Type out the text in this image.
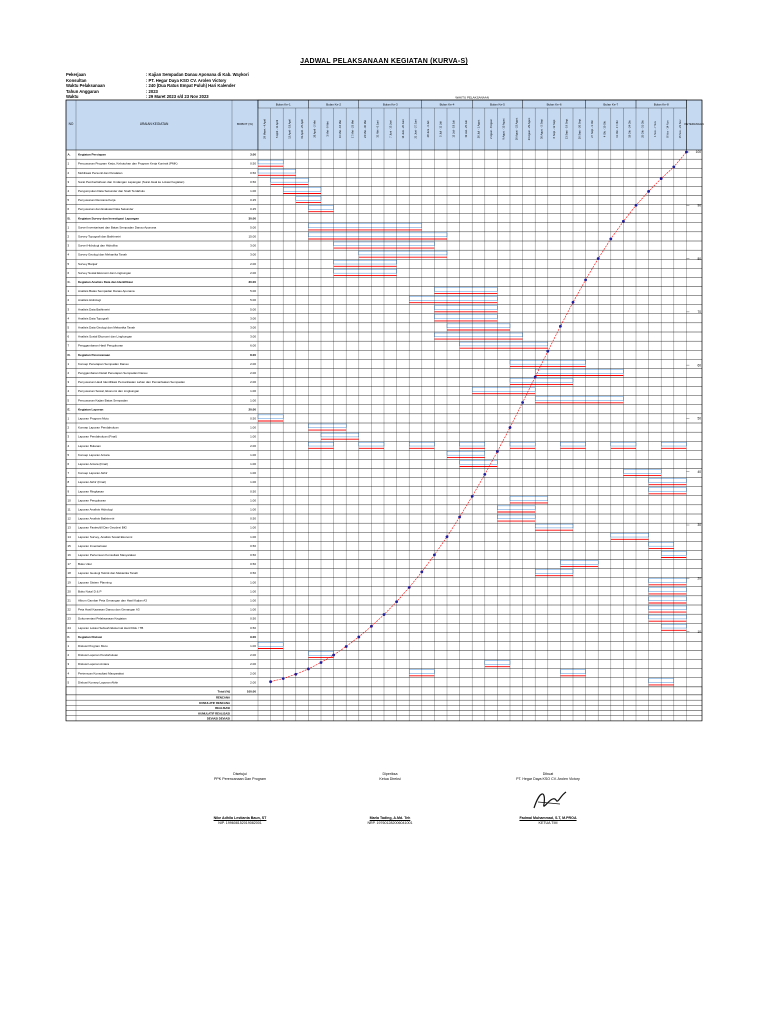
JADWAL PELAKSANAAN KEGIATAN (KURVA-S)
Pekerjaan	: Kajian Sempadan Danau Aponana di Kab. Waykori
Konsultan	: PT. Hegar Daya KSO CV. Arolen Victory
Waktu Pelaksanaan	: 240 (Dua Ratus Empat Puluh) Hari Kalender
Tahun Anggaran	: 2023
Waktu	: 29 Maret 2023 s/d 23 Nov 2023
NO	URAIAN KEGIATAN	BOBOT (%)	KETERANGAN
WAKTU PELAKSANAAN
Bulan Ke-1	Bulan Ke-2	Bulan Ke-3	Bulan Ke-4	Bulan Ke-5	Bulan Ke-6	Bulan Ke-7	Bulan Ke-8
29 Maret - 4 April	5 April - 11 April	12 April - 18 April	19 April - 25 April	26 April - 2 Mei	3 Mei - 9 Mei	10 Mei - 16 Mei	17 Mei - 23 Mei	24 Mei - 30 Mei	31 Mei - 6 Juni	7 Juni - 13 Juni	14 Juni - 20 Juni	21 Juni - 27 Juni	28 Juni - 4 Juli	5 Juli - 11 Juli	12 Juli - 18 Juli	19 Juli - 25 Juli	26 Juli - 1 Agust	2 Agust - 8 Agust	9 Agust - 15 Agust	16 Agust - 22 Agust	23 Agust - 29 Agust	30 Agust - 5 Sept	6 Sept - 12 Sept	13 Sept - 19 Sept	20 Sept - 26 Sept	27 Sept - 3 Okt	4 Okt - 10 Okt	11 Okt - 17 Okt	18 Okt - 24 Okt	25 Okt - 31 Okt	1 Nov - 7 Nov	8 Nov - 14 Nov	15 Nov - 23 Nov
A.	Kegiatan Persiapan	3.00
1	Penyusunan Program Kerja, Kebutuhan dan Program Kerja Kontrak (PMK)	0.50
2	Mobilisasi Personil dan Peralatan	0.50
3	Surat Pemberitahuan dan Undangan Lapangan (Surat Awal ke Lokasi Kegiatan)	0.50
4	Pengumpulan Data Sekunder dan Studi Terdahulu	1.00
5	Penyusunan Rencana Kerja	0.25
6	Penyusunan dan Evaluasi Data Sekunder	0.25
B.	Kegiatan Survey dan Investigasi Lapangan	30.00
1	Survei Inventarisasi dan Batas Sempadan Danau Aponana	5.00
2	Survey Topografi dan Bathimetri	15.00
3	Survei Hidrologi dan Hidrolika	3.00
4	Survey Geologi dan Mekanika Tanah	3.00
5	Survey Banjair	2.00
6	Survey Sosial Ekonomi dan Lingkungan	2.00
C.	Kegiatan Analisis Data dan Identifikasi	30.00
1	Analisis Batas Sempadan Danau Aponana	5.00
2	Analisis Hidrologi	5.00
3	Analisis Data Bathimetri	5.00
4	Analisis Data Topografi	3.00
5	Analisis Data Geologi dan Mekanika Tanah	3.00
6	Analisis Sosial Ekonomi dan Lingkungan	3.00
7	Penggambaran Hasil Pengukuran	6.00
D.	Kegiatan Perencanaan	8.00
1	Konsep Penetapan Sempadan Danau	2.00
2	Penggambaran Detail Penetapan Sempadan Danau	2.00
3	Penyusunan Hasil Identifikasi Pemanfaatan Lahan dan Pemanfaatan Sempadan	2.00
4	Penyusunan Sosial, Ekonomi dan Lingkungan	1.00
5	Penyusunan Kajian Batas Sempadan	1.00
E.	Kegiatan Laporan	20.00
1	Laporan Program Mutu	0.50
2	Konsep Laporan Pendahuluan	1.00
3	Laporan Pendahuluan (Final)	1.00
4	Laporan Bulanan	2.00
5	Konsep Laporan Antara	1.00
6	Laporan Antara (Final)	1.00
7	Konsep Laporan Akhir	1.00
8	Laporan Akhir (Final)	1.00
9	Laporan Ringkasan	0.50
10 Laporan Pengukuran	1.00
11 Laporan Analisis Hidrologi	1.00
12 Laporan Analisis Bathimetri	0.50
13 Laporan Fasies/dll Dan Geodesi BIG	1.00
14 Laporan Survey, Analisis Sosial Ekonomi	1.00
15 Laporan Inventarisasi	0.50
16 Laporan Pertemuan Konsultasi Masyarakat	0.50
17 Buku Ukur	0.50
18 Laporan Geologi Teknik dan Mekanika Tanah	0.50
19 Laporan Sistem Planning	1.00
20 Buku Nota/ D & P	1.00
21 Album Gambar Peta Genangan dan Hasil Kajian A3	1.00
22 Peta Hasil Kawasan Danau dan Genangan A3	1.00
23 Dokumentasi Pelaksanaan Kegiatan	0.50
24 Laporan Lokasi Sebuah Eksternal Hard Disk / TB	0.50
F.	Kegiatan Diskusi	9.00
1	Diskusi Program Mutu	1.00
2	Diskusi Laporan Pendahuluan	2.00
3	Diskusi Laporan Antara	2.00
4	Pertemuan Konsultasi Masyarakat	2.00
5	Diskusi Konsep Laporan Akhir	2.00
Total (%)	100.00
RENCANA
KUMULATIF RENCANA
REALISASI
KUMULATIF REALISASI
DEVIASI DEVIASI
10
20
30
40
50
60
70
80
90
100
Disetujui
PPK Perencanaan Dan Program
Nike Adhila Lestianta Baun, ST
NIP. 199608152019082001
Diperiksa
Ketua Direksi
Marla Tading, A.Md. Teh
NRP. 197601282006041001
Dibuat
PT. Hegar Daya KSO CV. Arolen Victory
Fadmal Muhammad, S.T, M.PROA
KETUA TIM
